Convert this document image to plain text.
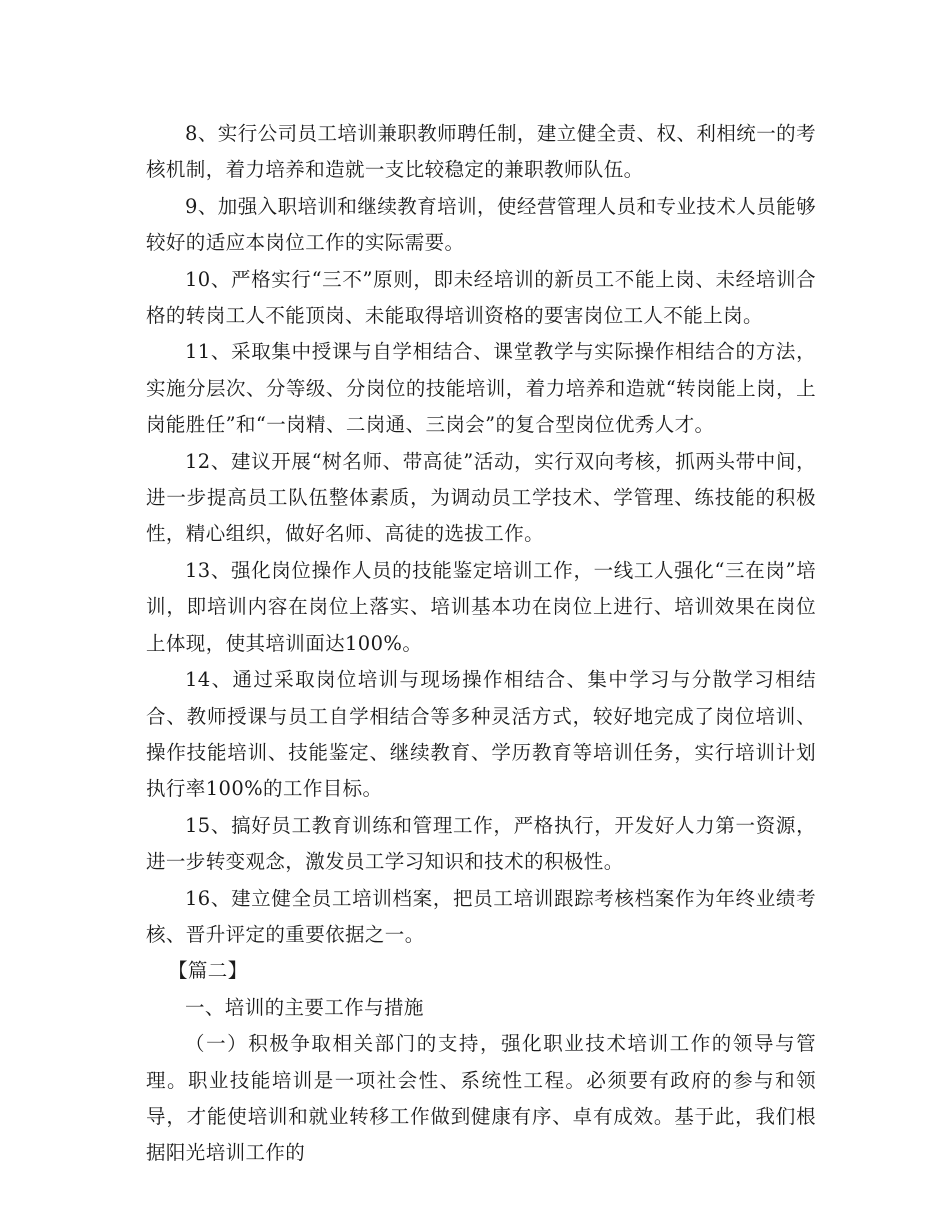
8、实行公司员工培训兼职教师聘任制，建立健全责、权、利相统一的考核机制，着力培养和造就一支比较稳定的兼职教师队伍。

9、加强入职培训和继续教育培训，使经营管理人员和专业技术人员能够较好的适应本岗位工作的实际需要。

10、严格实行“三不”原则，即未经培训的新员工不能上岗、未经培训合格的转岗工人不能顶岗、未能取得培训资格的要害岗位工人不能上岗。

11、采取集中授课与自学相结合、课堂教学与实际操作相结合的方法，实施分层次、分等级、分岗位的技能培训，着力培养和造就“转岗能上岗，上岗能胜任”和“一岗精、二岗通、三岗会”的复合型岗位优秀人才。

12、建议开展“树名师、带高徒”活动，实行双向考核，抓两头带中间，进一步提高员工队伍整体素质，为调动员工学技术、学管理、练技能的积极性，精心组织，做好名师、高徒的选拔工作。

13、强化岗位操作人员的技能鉴定培训工作，一线工人强化“三在岗”培训，即培训内容在岗位上落实、培训基本功在岗位上进行、培训效果在岗位上体现，使其培训面达100%。

14、通过采取岗位培训与现场操作相结合、集中学习与分散学习相结合、教师授课与员工自学相结合等多种灵活方式，较好地完成了岗位培训、操作技能培训、技能鉴定、继续教育、学历教育等培训任务，实行培训计划执行率100%的工作目标。

15、搞好员工教育训练和管理工作，严格执行，开发好人力第一资源，进一步转变观念，激发员工学习知识和技术的积极性。

16、建立健全员工培训档案，把员工培训跟踪考核档案作为年终业绩考核、晋升评定的重要依据之一。

【篇二】

一、培训的主要工作与措施

（一）积极争取相关部门的支持，强化职业技术培训工作的领导与管理。职业技能培训是一项社会性、系统性工程。必须要有政府的参与和领导，才能使培训和就业转移工作做到健康有序、卓有成效。基于此，我们根据阳光培训工作的
